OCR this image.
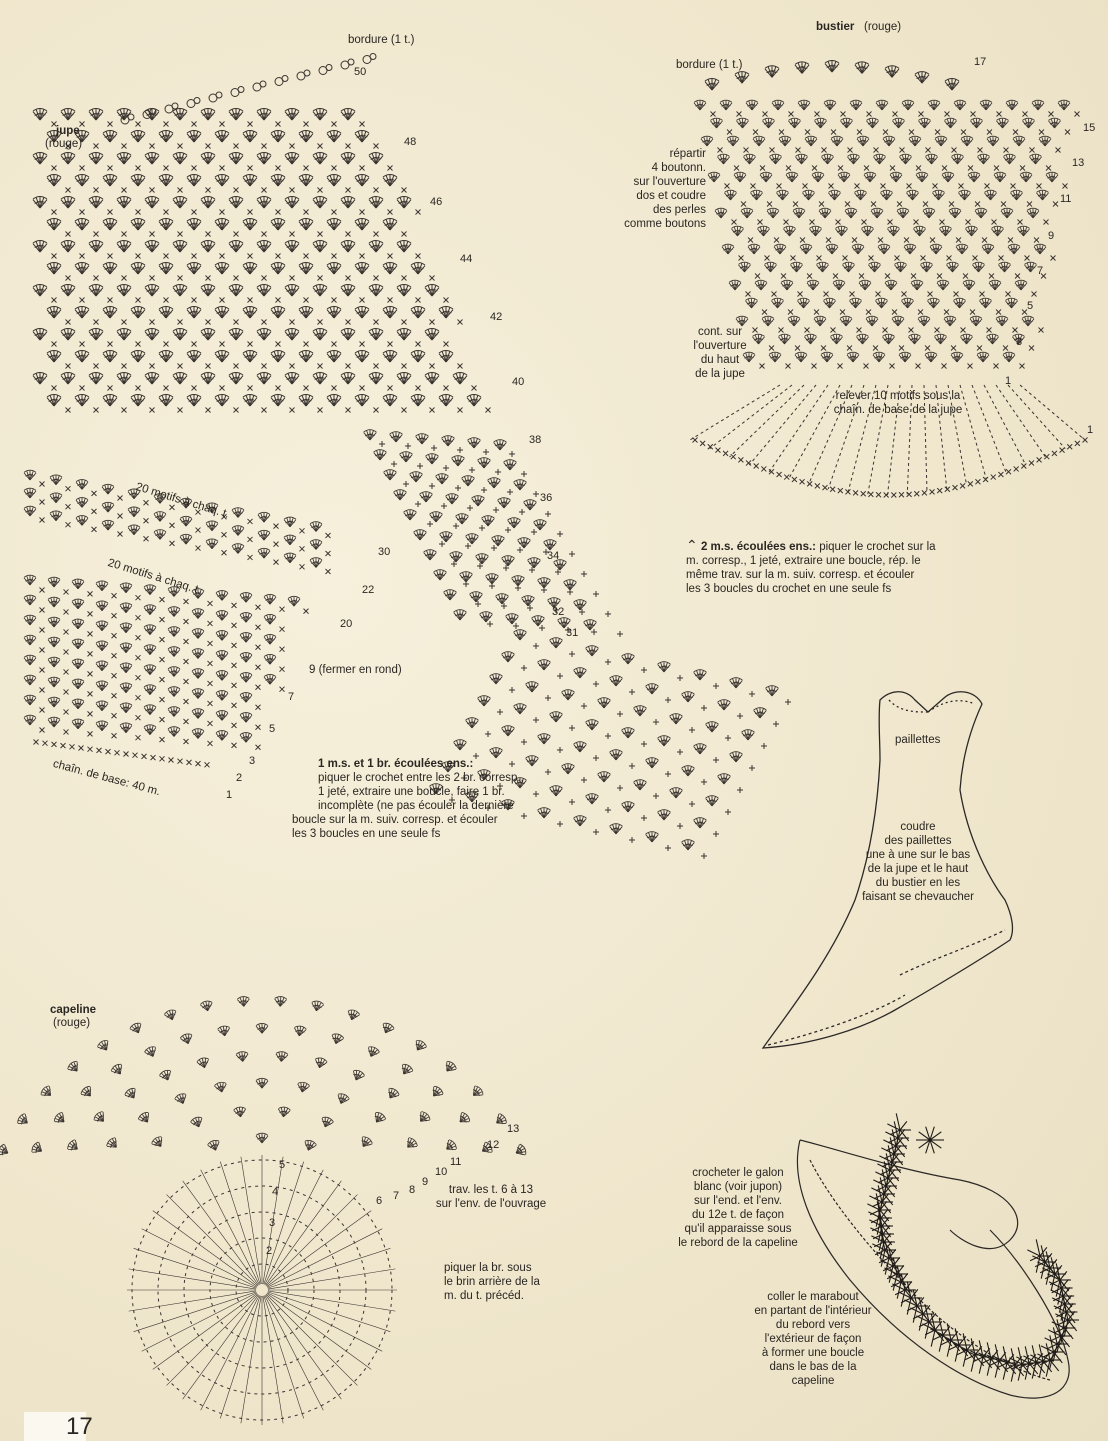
jupe
(rouge)
bordure (1 t.)
20 motifs à chaq. t.
20 motifs à chaq. t.
9 (fermer en rond)
chaîn. de base: 40 m.
50
48
46
44
42
40
38
36
34
32
31
30
22
20
7
5
3
2
1
bustier (rouge)
bordure (1 t.)
répartir
4 boutonn.
sur l'ouverture
dos et coudre
des perles
comme boutons
cont. sur
l'ouverture
du haut
de la jupe
relever 10 motifs sous la
chaîn. de base de la jupe
17
15
13
11
9
7
5
3
1
1
⌃ 2 m.s. écoulées ens.: piquer le crochet sur la
m. corresp., 1 jeté, extraire une boucle, rép. le
même trav. sur la m. suiv. corresp. et écouler
les 3 boucles du crochet en une seule fs
1 m.s. et 1 br. écoulées ens.:
piquer le crochet entre les 2 br. corresp.,
1 jeté, extraire une boucle, faire 1 br.
incomplète (ne pas écouler la dernière
boucle sur la m. suiv. corresp. et écouler
les 3 boucles en une seule fs
paillettes
coudre
des paillettes
une à une sur le bas
de la jupe et le haut
du bustier en les
faisant se chevaucher
capeline
(rouge)
trav. les t. 6 à 13
sur l'env. de l'ouvrage
piquer la br. sous
le brin arrière de la
m. du t. précéd.
13
12
11
10
9
8
7
6
5
4
3
2
crocheter le galon
blanc (voir jupon)
sur l'end. et l'env.
du 12e t. de façon
qu'il apparaisse sous
le rebord de la capeline
coller le marabout
en partant de l'intérieur
du rebord vers
l'extérieur de façon
à former une boucle
dans le bas de la
capeline
17
